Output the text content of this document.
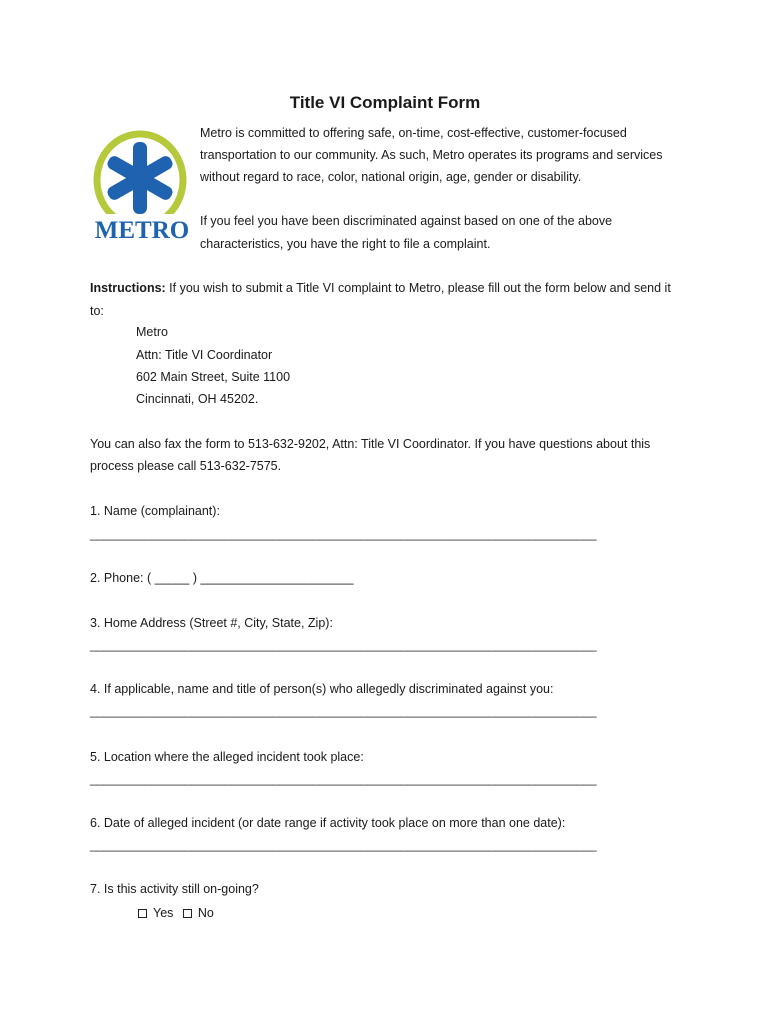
Title VI Complaint Form
METRO
Metro is committed to offering safe, on-time, cost-effective, customer-focused
transportation to our community. As such, Metro operates its programs and services
without regard to race, color, national origin, age, gender or disability.
If you feel you have been discriminated against based on one of the above
characteristics, you have the right to file a complaint.
Instructions: If you wish to submit a Title VI complaint to Metro, please fill out the form below and send it
to:
Metro
Attn: Title VI Coordinator
602 Main Street, Suite 1100
Cincinnati, OH 45202.
You can also fax the form to 513-632-9202, Attn: Title VI Coordinator. If you have questions about this
process please call 513-632-7575.
1. Name (complainant):
___________________________________________________________________________
2. Phone: ( _____ ) ______________________
3. Home Address (Street #, City, State, Zip):
___________________________________________________________________________
4. If applicable, name and title of person(s) who allegedly discriminated against you:
___________________________________________________________________________
5. Location where the alleged incident took place:
___________________________________________________________________________
6. Date of alleged incident (or date range if activity took place on more than one date):
___________________________________________________________________________
7. Is this activity still on-going?
Yes No
